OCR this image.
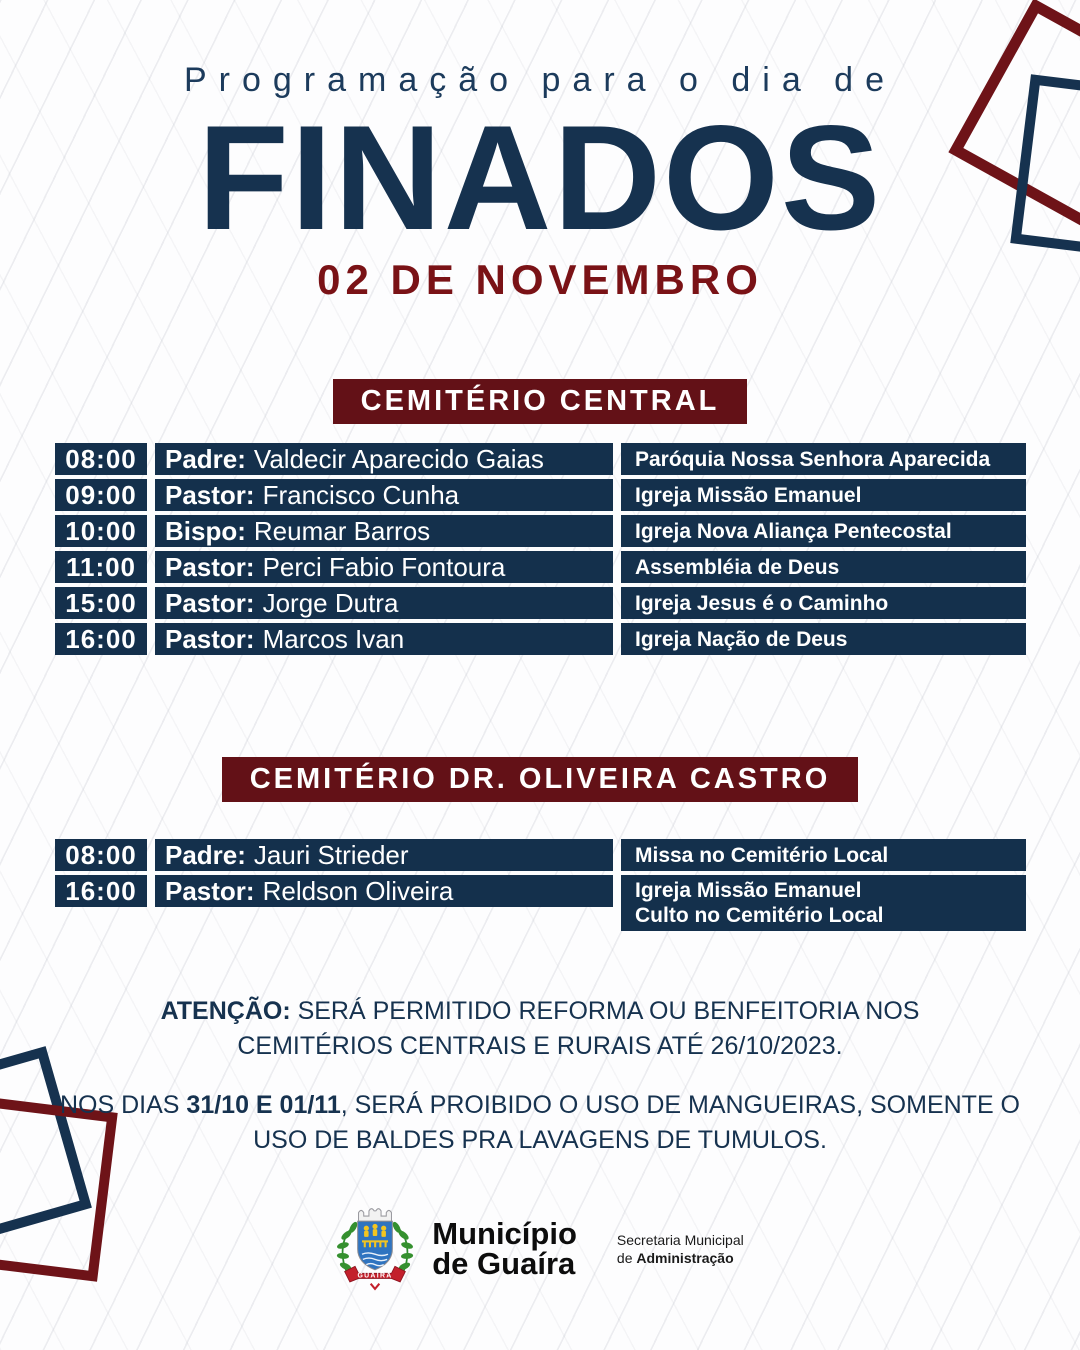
Programação para o dia de
FINADOS
02 DE NOVEMBRO
CEMITÉRIO CENTRAL
08:00	Padre: Valdecir Aparecido Gaias	Paróquia Nossa Senhora Aparecida
09:00	Pastor: Francisco Cunha	Igreja Missão Emanuel
10:00	Bispo: Reumar Barros	Igreja Nova Aliança Pentecostal
11:00	Pastor: Perci Fabio Fontoura	Assembléia de Deus
15:00	Pastor: Jorge Dutra	Igreja Jesus é o Caminho
16:00	Pastor: Marcos Ivan	Igreja Nação de Deus
CEMITÉRIO DR. OLIVEIRA CASTRO
08:00	Padre: Jauri Strieder	Missa no Cemitério Local
16:00	Pastor: Reldson Oliveira	Igreja Missão Emanuel
Culto no Cemitério Local

ATENÇÃO: SERÁ PERMITIDO REFORMA OU BENFEITORIA NOS CEMITÉRIOS CENTRAIS E RURAIS ATÉ 26/10/2023.

NOS DIAS 31/10 E 01/11, SERÁ PROIBIDO O USO DE MANGUEIRAS, SOMENTE O USO DE BALDES PRA LAVAGENS DE TUMULOS.

GUAIRA
Município
de Guaíra
Secretaria Municipal
de Administração
